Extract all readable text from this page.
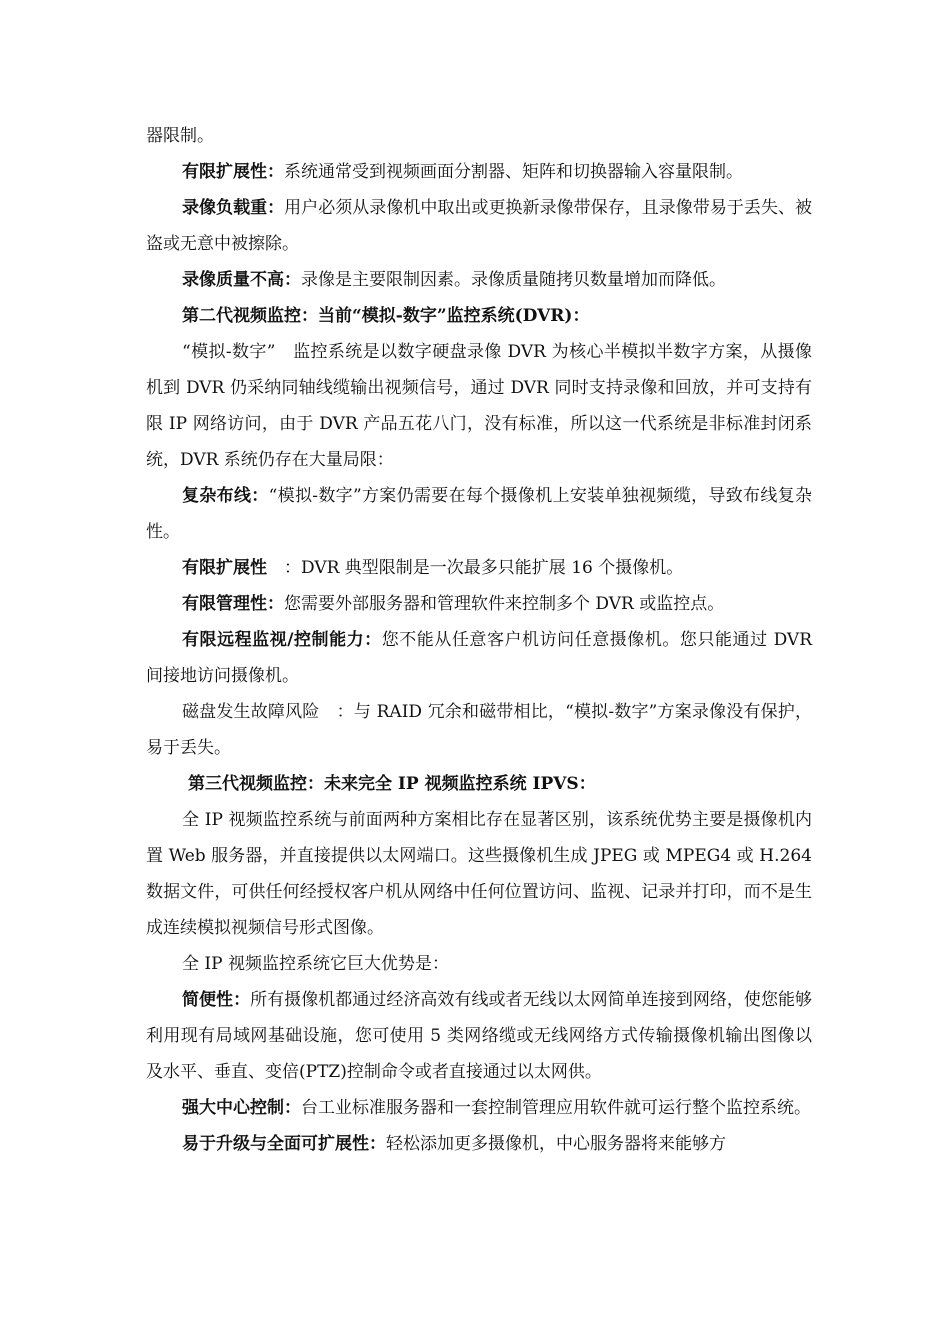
器限制。

有限扩展性：系统通常受到视频画面分割器、矩阵和切换器输入容量限制。

录像负载重：用户必须从录像机中取出或更换新录像带保存，且录像带易于丢失、被盗或无意中被擦除。

录像质量不高：录像是主要限制因素。录像质量随拷贝数量增加而降低。

第二代视频监控：当前“模拟-数字”监控系统(DVR)：

“模拟-数字”　监控系统是以数字硬盘录像 DVR 为核心半模拟半数字方案，从摄像机到 DVR 仍采纳同轴线缆输出视频信号，通过 DVR 同时支持录像和回放，并可支持有限 IP 网络访问，由于 DVR 产品五花八门，没有标准，所以这一代系统是非标准封闭系统，DVR 系统仍存在大量局限：

复杂布线：“模拟-数字”方案仍需要在每个摄像机上安装单独视频缆，导致布线复杂性。

有限扩展性　：DVR 典型限制是一次最多只能扩展 16 个摄像机。

有限管理性：您需要外部服务器和管理软件来控制多个 DVR 或监控点。

有限远程监视/控制能力：您不能从任意客户机访问任意摄像机。您只能通过 DVR 间接地访问摄像机。

磁盘发生故障风险　：与 RAID 冗余和磁带相比，“模拟-数字”方案录像没有保护，易于丢失。

第三代视频监控：未来完全 IP 视频监控系统 IPVS：

全 IP 视频监控系统与前面两种方案相比存在显著区别，该系统优势主要是摄像机内置 Web 服务器，并直接提供以太网端口。这些摄像机生成 JPEG 或 MPEG4 或 H.264 数据文件，可供任何经授权客户机从网络中任何位置访问、监视、记录并打印，而不是生成连续模拟视频信号形式图像。

全 IP 视频监控系统它巨大优势是：

简便性：所有摄像机都通过经济高效有线或者无线以太网简单连接到网络，使您能够利用现有局域网基础设施，您可使用 5 类网络缆或无线网络方式传输摄像机输出图像以及水平、垂直、变倍(PTZ)控制命令或者直接通过以太网供。

强大中心控制：台工业标准服务器和一套控制管理应用软件就可运行整个监控系统。

易于升级与全面可扩展性：轻松添加更多摄像机，中心服务器将来能够方
